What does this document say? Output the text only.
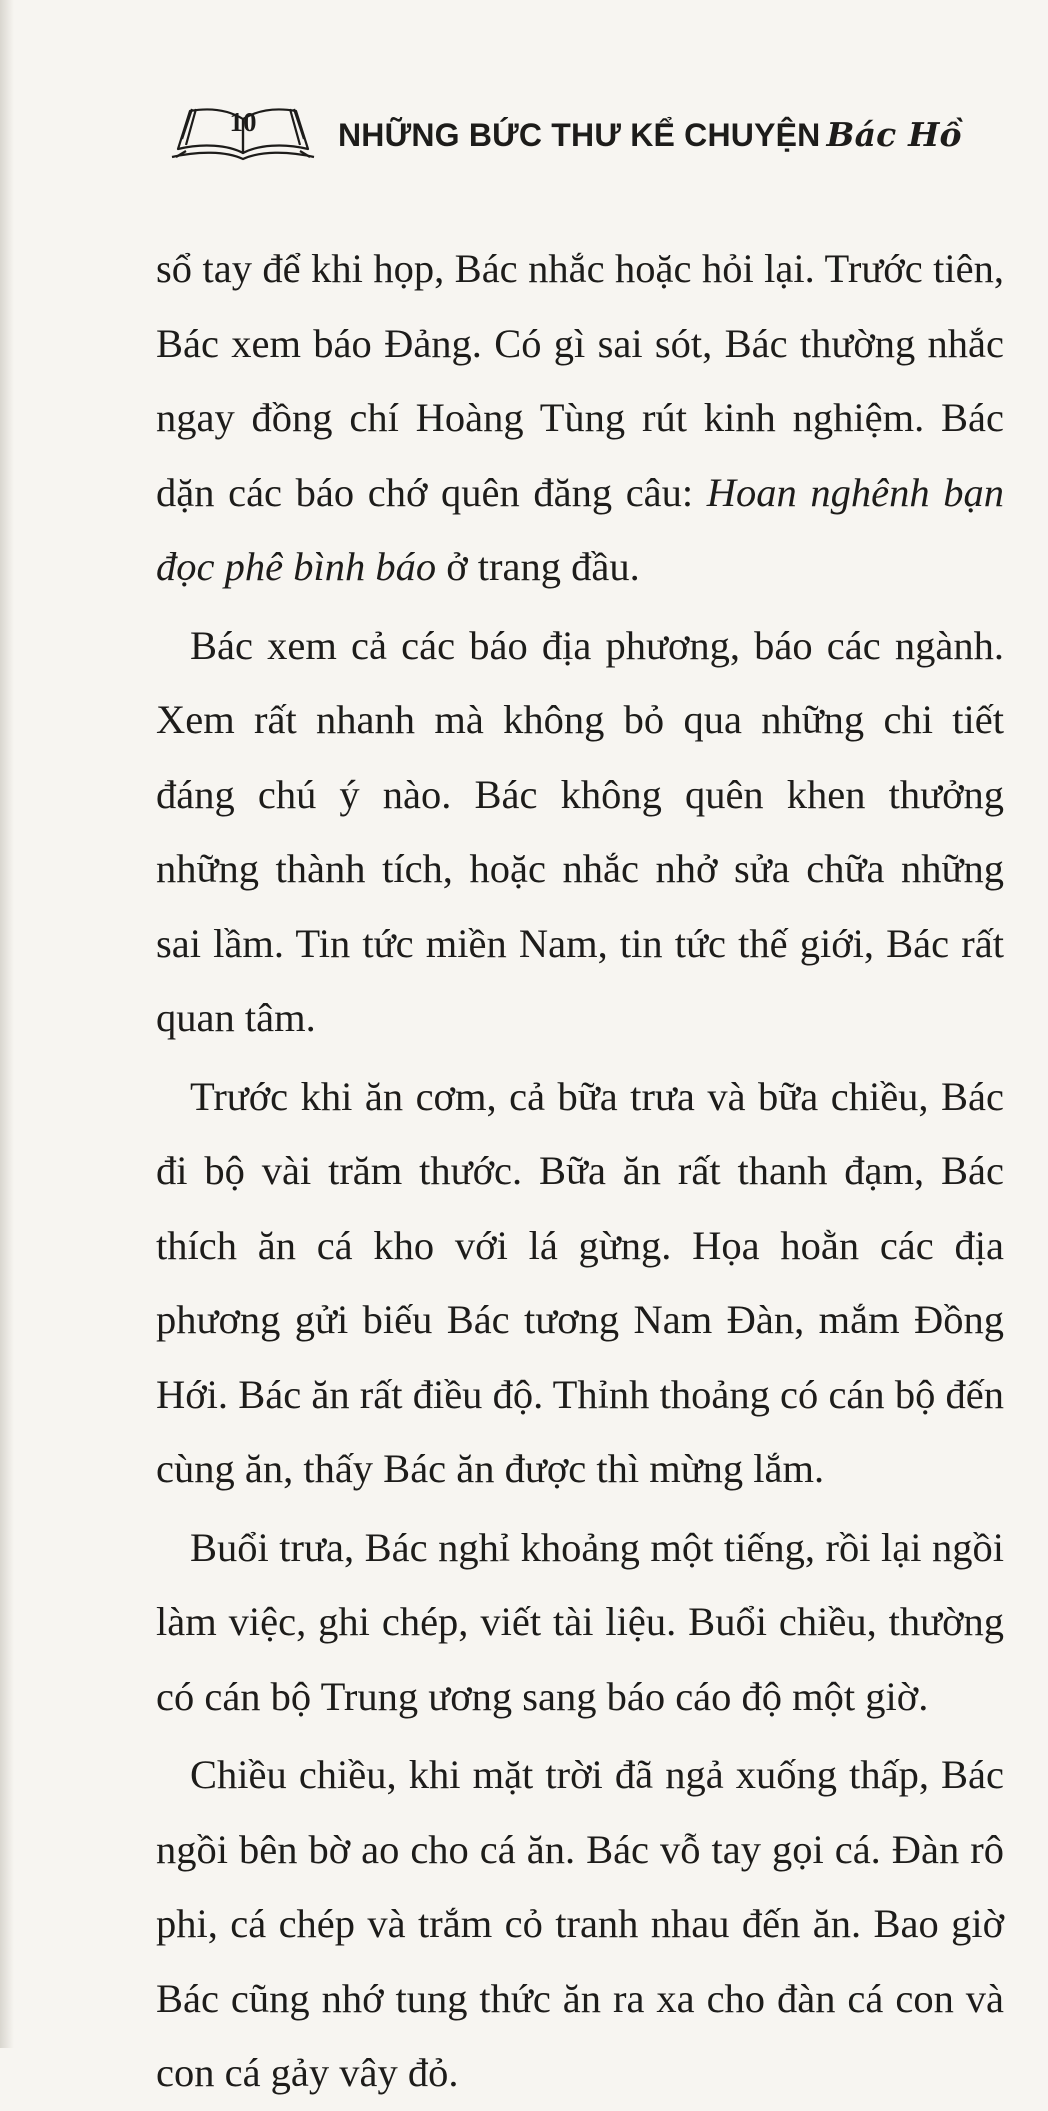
10	NHỮNG BỨC THƯ KỂ CHUYỆN Bác Hồ

sổ tay để khi họp, Bác nhắc hoặc hỏi lại. Trước tiên, Bác xem báo Đảng. Có gì sai sót, Bác thường nhắc ngay đồng chí Hoàng Tùng rút kinh nghiệm. Bác dặn các báo chớ quên đăng câu: Hoan nghênh bạn đọc phê bình báo ở trang đầu.

Bác xem cả các báo địa phương, báo các ngành. Xem rất nhanh mà không bỏ qua những chi tiết đáng chú ý nào. Bác không quên khen thưởng những thành tích, hoặc nhắc nhở sửa chữa những sai lầm. Tin tức miền Nam, tin tức thế giới, Bác rất quan tâm.

Trước khi ăn cơm, cả bữa trưa và bữa chiều, Bác đi bộ vài trăm thước. Bữa ăn rất thanh đạm, Bác thích ăn cá kho với lá gừng. Họa hoằn các địa phương gửi biếu Bác tương Nam Đàn, mắm Đồng Hới. Bác ăn rất điều độ. Thỉnh thoảng có cán bộ đến cùng ăn, thấy Bác ăn được thì mừng lắm.

Buổi trưa, Bác nghỉ khoảng một tiếng, rồi lại ngồi làm việc, ghi chép, viết tài liệu. Buổi chiều, thường có cán bộ Trung ương sang báo cáo độ một giờ.

Chiều chiều, khi mặt trời đã ngả xuống thấp, Bác ngồi bên bờ ao cho cá ăn. Bác vỗ tay gọi cá. Đàn rô phi, cá chép và trắm cỏ tranh nhau đến ăn. Bao giờ Bác cũng nhớ tung thức ăn ra xa cho đàn cá con và con cá gảy vây đỏ.
